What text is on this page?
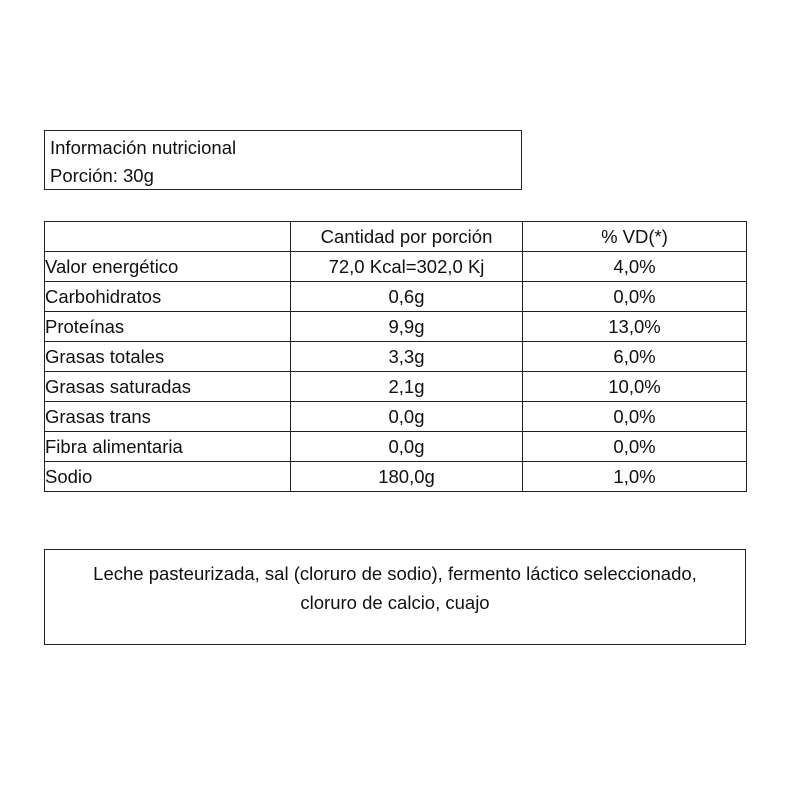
Información nutricional
Porción: 30g
	Cantidad por porción	% VD(*)
Valor energético	72,0 Kcal=302,0 Kj	4,0%
Carbohidratos	0,6g	0,0%
Proteínas	9,9g	13,0%
Grasas totales	3,3g	6,0%
Grasas saturadas	2,1g	10,0%
Grasas trans	0,0g	0,0%
Fibra alimentaria	0,0g	0,0%
Sodio	180,0g	1,0%
Leche pasteurizada, sal (cloruro de sodio), fermento láctico seleccionado,
cloruro de calcio, cuajo
